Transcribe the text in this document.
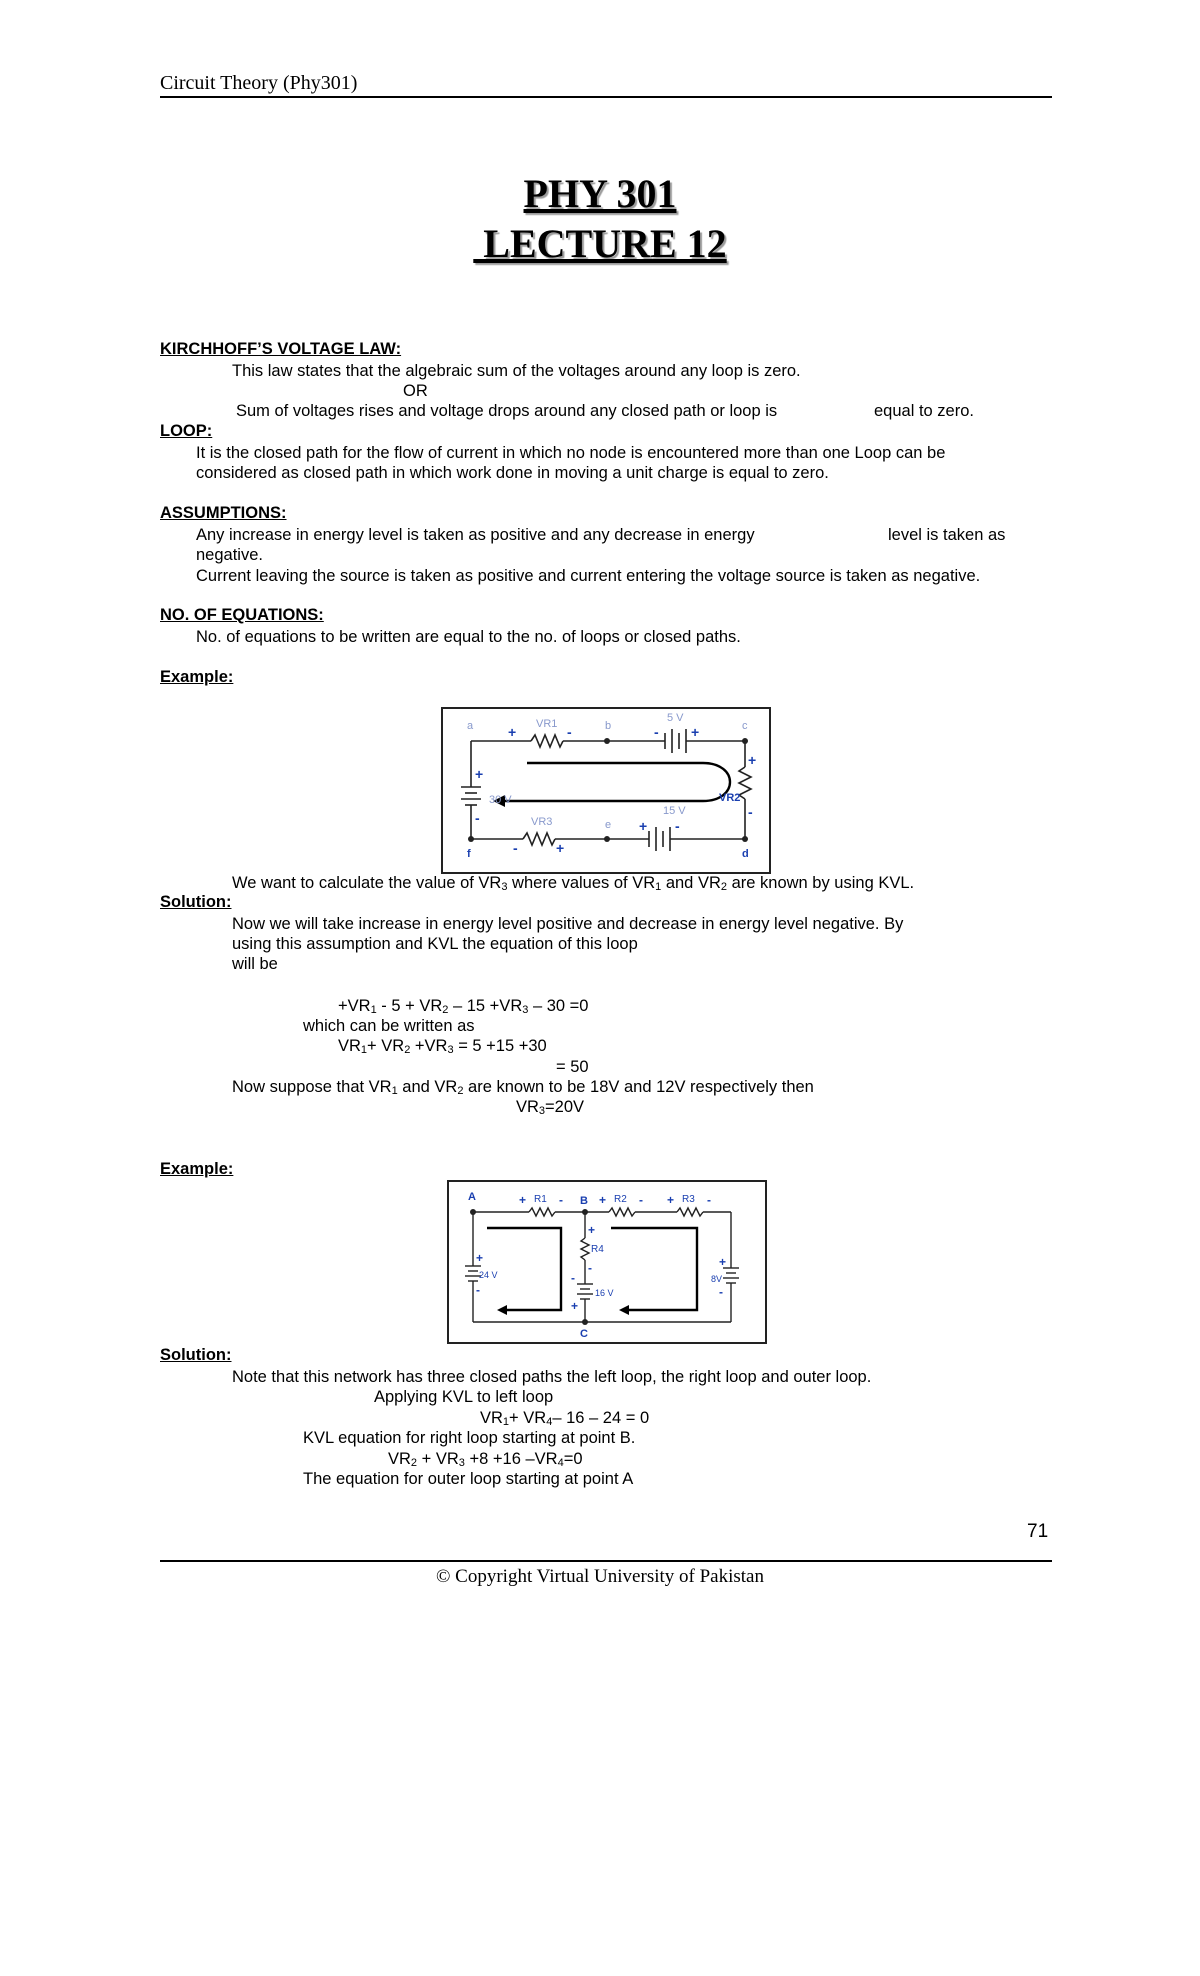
Circuit Theory (Phy301)
PHY 301
LECTURE 12
KIRCHHOFF’S VOLTAGE LAW:
This law states that the algebraic sum of the voltages around any loop is zero.
OR
Sum of voltages rises and voltage drops around any closed path or loop is	equal to zero.
LOOP:
It is the closed path for the flow of current in which no node is encountered more than one Loop can be
considered as closed path in which work done in moving a unit charge is equal to zero.
ASSUMPTIONS:
Any increase in energy level is taken as positive and any decrease in energy	level is taken as
negative.
Current leaving the source is taken as positive and current entering the voltage source is taken as negative.
NO. OF EQUATIONS:
No. of equations to be written are equal to the no. of loops or closed paths.
Example:
a	b	c
d
e
f
VR1
VR2
VR3
5 V
15 V
30 V
+	-	- +
+
-
+
-
-	+
+ -
We want to calculate the value of $VR_3$ where values of $VR_1$ and $VR_2$ are known by using KVL.
Solution:
Now we will take increase in energy level positive and decrease in energy level negative. By
using this assumption and KVL the equation of this loop
will be
$+VR_1 - 5 + VR_2 - 15 +VR_3 - 30 =0$
which can be written as
$VR_1+ VR_2 +VR_3 = 5 +15 +30$
= 50
Now suppose that $VR_1$ and $VR_2$ are known to be 18V and 12V respectively then
$VR_3=20V$
Example:
A	B
C
R1	R2	R3
R4
24 V
16 V
8V
+	-	+	- +	-
+
-
+
-
-
+
+
-
Solution:
Note that this network has three closed paths the left loop, the right loop and outer loop.
Applying KVL to left loop
$VR_1+ VR_4-$ 16 – 24 = 0
KVL equation for right loop starting at point B.
$VR_2 + VR_3 +8 +16$ $-VR_4=0$
The equation for outer loop starting at point A
71
© Copyright Virtual University of Pakistan
